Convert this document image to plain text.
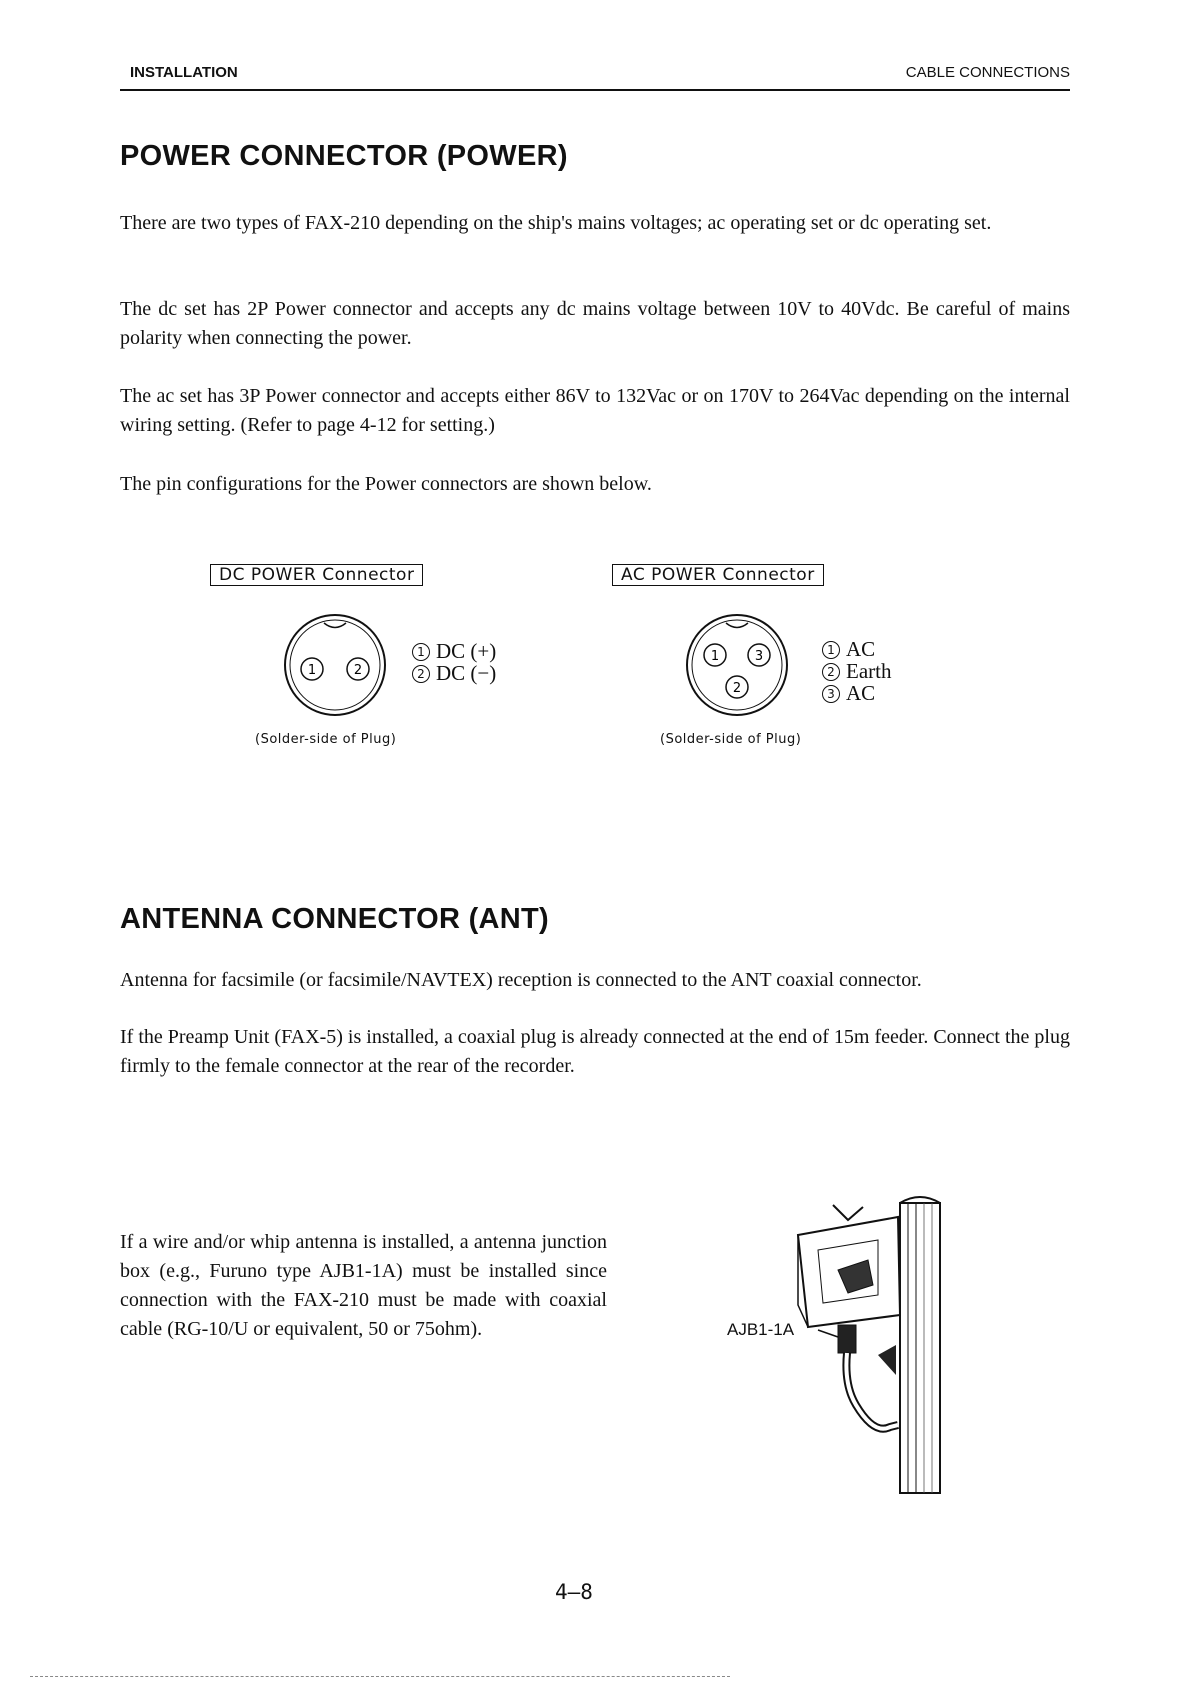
INSTALLATION	CABLE CONNECTIONS
POWER CONNECTOR (POWER)

There are two types of FAX-210 depending on the ship's mains voltages; ac operating set or dc operating set.

The dc set has 2P Power connector and accepts any dc mains voltage between 10V to 40Vdc. Be careful of mains polarity when connecting the power.

The ac set has 3P Power connector and accepts either 86V to 132Vac or on 170V to 264Vac depending on the internal wiring setting. (Refer to page 4-12 for setting.)

The pin configurations for the Power connectors are shown below.

DC POWER Connector
1	2
1 DC (+)
2 DC (−)
(Solder-side of Plug)
AC POWER Connector
1	3
2
1 AC
2 Earth
3 AC
(Solder-side of Plug)
ANTENNA CONNECTOR (ANT)

Antenna for facsimile (or facsimile/NAVTEX) reception is connected to the ANT coaxial connector.

If the Preamp Unit (FAX-5) is installed, a coaxial plug is already connected at the end of 15m feeder. Connect the plug firmly to the female connector at the rear of the recorder.

If a wire and/or whip antenna is installed, a antenna junction box (e.g., Furuno type AJB1-1A) must be installed since connection with the FAX-210 must be made with coaxial cable (RG-10/U or equivalent, 50 or 75ohm).	AJB1-1A
4—8
